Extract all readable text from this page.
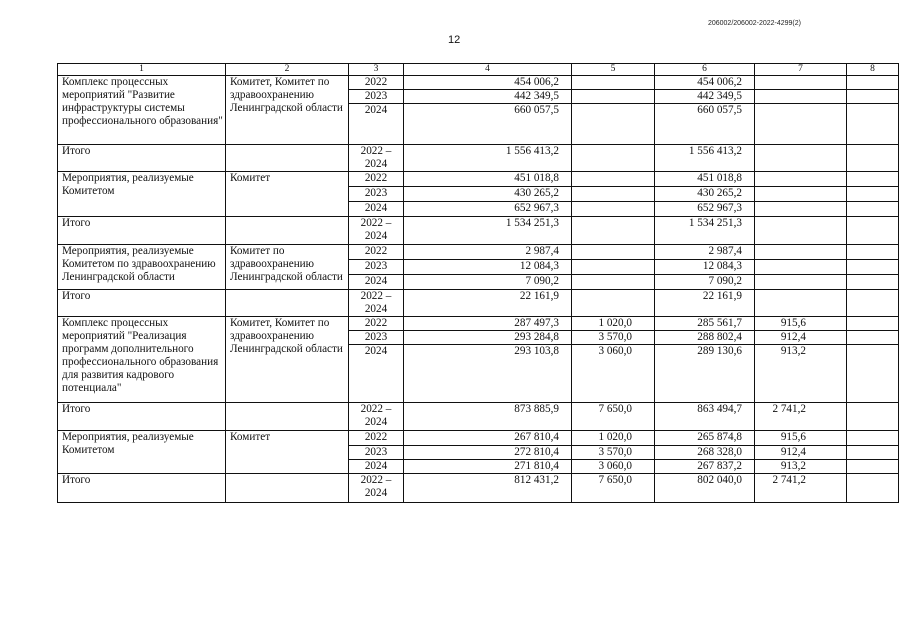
206002/206002-2022-4299(2)
12
1	2	3	4	5	6	7	8
Комплекс процессных мероприятий "Развитие инфраструктуры системы профессионального образования"	Комитет, Комитет по здравоохранению Ленинградской области	2022	454 006,2		454 006,2		
		2023	442 349,5		442 349,5		
		2024	660 057,5		660 057,5		
Итого		2022 – 2024	1 556 413,2		1 556 413,2		
Мероприятия, реализуемые Комитетом	Комитет	2022	451 018,8		451 018,8		
		2023	430 265,2		430 265,2		
		2024	652 967,3		652 967,3		
Итого		2022 – 2024	1 534 251,3		1 534 251,3		
Мероприятия, реализуемые Комитетом по здравоохранению Ленинградской области	Комитет по здравоохранению Ленинградской области	2022	2 987,4		2 987,4		
		2023	12 084,3		12 084,3		
		2024	7 090,2		7 090,2		
Итого		2022 – 2024	22 161,9		22 161,9		
Комплекс процессных мероприятий "Реализация программ дополнительного профессионального образования для развития кадрового потенциала"	Комитет, Комитет по здравоохранению Ленинградской области	2022	287 497,3	1 020,0	285 561,7	915,6	
		2023	293 284,8	3 570,0	288 802,4	912,4	
		2024	293 103,8	3 060,0	289 130,6	913,2	
Итого		2022 – 2024	873 885,9	7 650,0	863 494,7	2 741,2	
Мероприятия, реализуемые Комитетом	Комитет	2022	267 810,4	1 020,0	265 874,8	915,6	
		2023	272 810,4	3 570,0	268 328,0	912,4	
		2024	271 810,4	3 060,0	267 837,2	913,2	
Итого		2022 – 2024	812 431,2	7 650,0	802 040,0	2 741,2	
